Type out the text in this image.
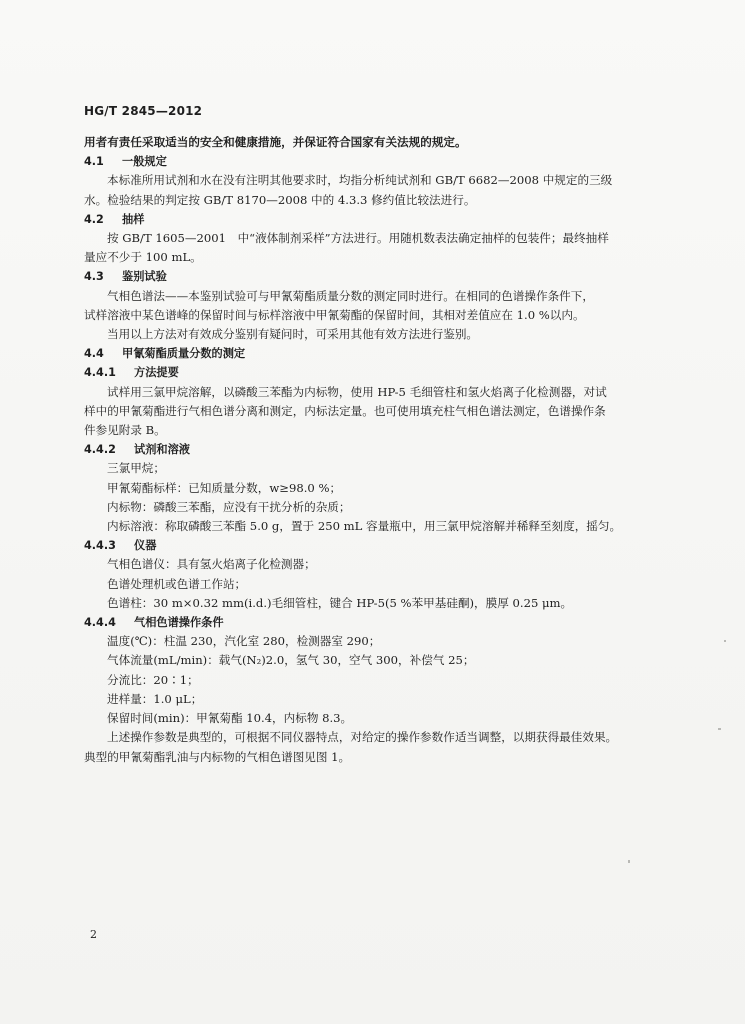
HG/T 2845—2012

用者有责任采取适当的安全和健康措施，并保证符合国家有关法规的规定。

4.1 一般规定

本标准所用试剂和水在没有注明其他要求时，均指分析纯试剂和 GB/T 6682—2008 中规定的三级

水。检验结果的判定按 GB/T 8170—2008 中的 4.3.3 修约值比较法进行。

4.2 抽样

按 GB/T 1605—2001　中“液体制剂采样”方法进行。用随机数表法确定抽样的包装件；最终抽样

量应不少于 100 mL。

4.3 鉴别试验

气相色谱法——本鉴别试验可与甲氰菊酯质量分数的测定同时进行。在相同的色谱操作条件下，

试样溶液中某色谱峰的保留时间与标样溶液中甲氰菊酯的保留时间，其相对差值应在 1.0 %以内。

当用以上方法对有效成分鉴别有疑问时，可采用其他有效方法进行鉴别。

4.4 甲氰菊酯质量分数的测定

4.4.1 方法提要

试样用三氯甲烷溶解，以磷酸三苯酯为内标物，使用 HP-5 毛细管柱和氢火焰离子化检测器，对试

样中的甲氰菊酯进行气相色谱分离和测定，内标法定量。也可使用填充柱气相色谱法测定，色谱操作条

件参见附录 B。

4.4.2 试剂和溶液

三氯甲烷；

甲氰菊酯标样：已知质量分数，w≥98.0 %；

内标物：磷酸三苯酯，应没有干扰分析的杂质；

内标溶液：称取磷酸三苯酯 5.0 g，置于 250 mL 容量瓶中，用三氯甲烷溶解并稀释至刻度，摇匀。

4.4.3 仪器

气相色谱仪：具有氢火焰离子化检测器；

色谱处理机或色谱工作站；

色谱柱：30 m×0.32 mm(i.d.)毛细管柱，键合 HP-5(5 %苯甲基硅酮)，膜厚 0.25 μm。

4.4.4 气相色谱操作条件

温度(℃)：柱温 230，汽化室 280，检测器室 290；

气体流量(mL/min)：载气(N₂)2.0，氢气 30，空气 300，补偿气 25；

分流比：20∶1；

进样量：1.0 μL；

保留时间(min)：甲氰菊酯 10.4，内标物 8.3。

上述操作参数是典型的，可根据不同仪器特点，对给定的操作参数作适当调整，以期获得最佳效果。

典型的甲氰菊酯乳油与内标物的气相色谱图见图 1。

2
